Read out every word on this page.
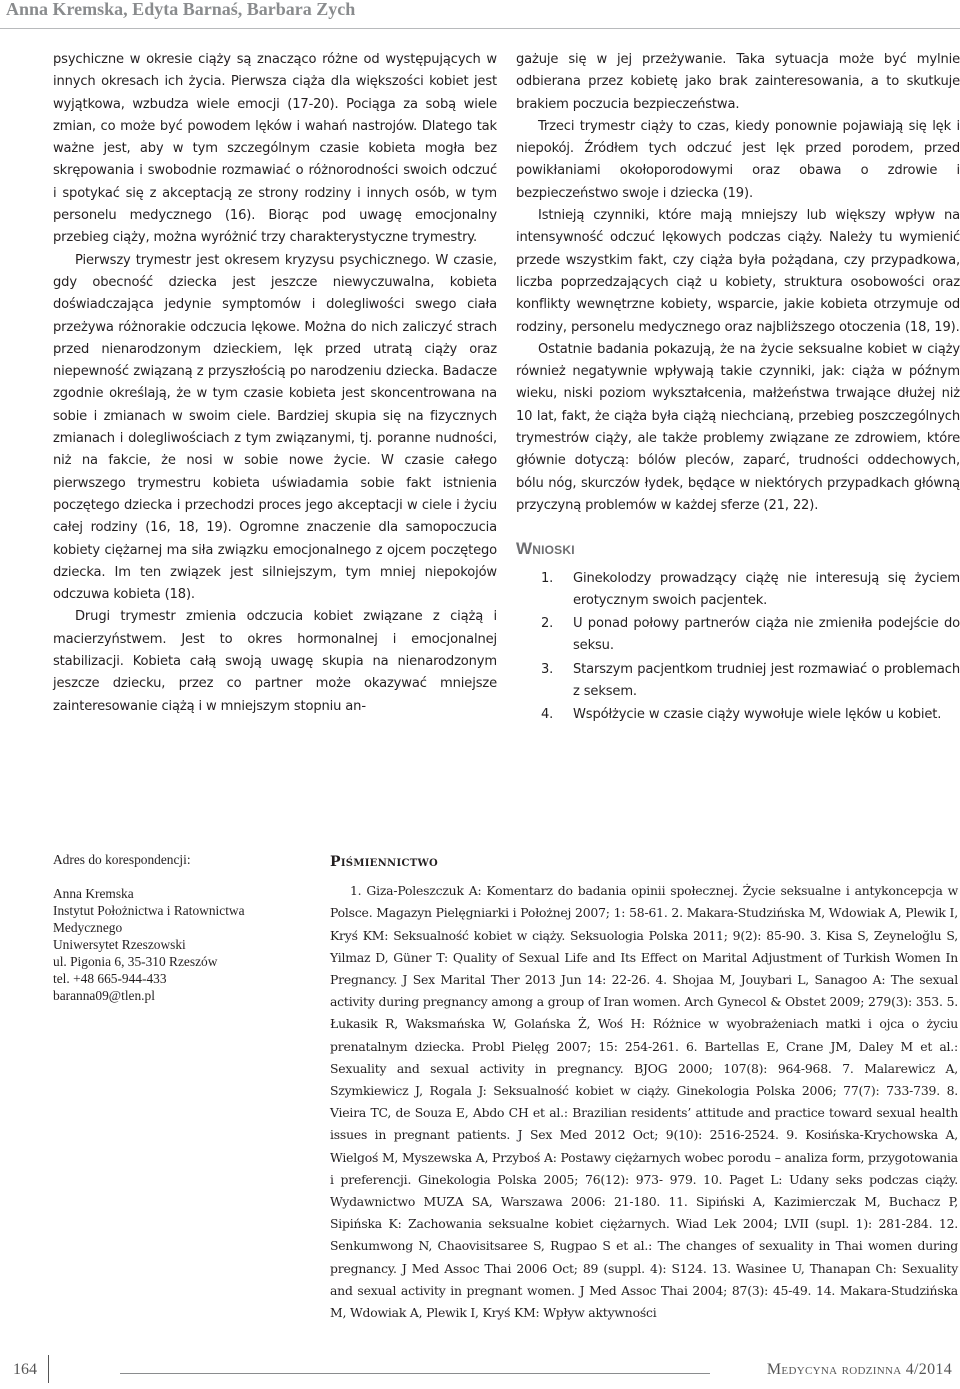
Anna Kremska, Edyta Barnaś, Barbara Zych

psychiczne w okresie ciąży są znacząco różne od występujących w innych okresach ich życia. Pierwsza ciąża dla większości kobiet jest wyjątkowa, wzbudza wiele emocji (17-20). Pociąga za sobą wiele zmian, co może być powodem lęków i wahań nastrojów. Dlatego tak ważne jest, aby w tym szczególnym czasie kobieta mogła bez skrępowania i swobodnie rozmawiać o różnorodności swoich odczuć i spotykać się z akceptacją ze strony rodziny i innych osób, w tym personelu medycznego (16). Biorąc pod uwagę emocjonalny przebieg ciąży, można wyróżnić trzy charakterystyczne trymestry.

Pierwszy trymestr jest okresem kryzysu psychicznego. W czasie, gdy obecność dziecka jest jeszcze niewyczuwalna, kobieta doświadczająca jedynie symptomów i dolegliwości swego ciała przeżywa różnorakie odczucia lękowe. Można do nich zaliczyć strach przed nienarodzonym dzieckiem, lęk przed utratą ciąży oraz niepewność związaną z przyszłością po narodzeniu dziecka. Badacze zgodnie określają, że w tym czasie kobieta jest skoncentrowana na sobie i zmianach w swoim ciele. Bardziej skupia się na fizycznych zmianach i dolegliwościach z tym związanymi, tj. poranne nudności, niż na fakcie, że nosi w sobie nowe życie. W czasie całego pierwszego trymestru kobieta uświadamia sobie fakt istnienia poczętego dziecka i przechodzi proces jego akceptacji w ciele i życiu całej rodziny (16, 18, 19). Ogromne znaczenie dla samopoczucia kobiety ciężarnej ma siła związku emocjonalnego z ojcem poczętego dziecka. Im ten związek jest silniejszym, tym mniej niepokojów odczuwa kobieta (18).

Drugi trymestr zmienia odczucia kobiet związane z ciążą i macierzyństwem. Jest to okres hormonalnej i emocjonalnej stabilizacji. Kobieta całą swoją uwagę skupia na nienarodzonym jeszcze dziecku, przez co partner może okazywać mniejsze zainteresowanie ciążą i w mniejszym stopniu an-

gażuje się w jej przeżywanie. Taka sytuacja może być mylnie odbierana przez kobietę jako brak zainteresowania, a to skutkuje brakiem poczucia bezpieczeństwa.

Trzeci trymestr ciąży to czas, kiedy ponownie pojawiają się lęk i niepokój. Źródłem tych odczuć jest lęk przed porodem, przed powikłaniami okołoporodowymi oraz obawa o zdrowie i bezpieczeństwo swoje i dziecka (19).

Istnieją czynniki, które mają mniejszy lub większy wpływ na intensywność odczuć lękowych podczas ciąży. Należy tu wymienić przede wszystkim fakt, czy ciąża była pożądana, czy przypadkowa, liczba poprzedzających ciąż u kobiety, struktura osobowości oraz konflikty wewnętrzne kobiety, wsparcie, jakie kobieta otrzymuje od rodziny, personelu medycznego oraz najbliższego otoczenia (18, 19).

Ostatnie badania pokazują, że na życie seksualne kobiet w ciąży również negatywnie wpływają takie czynniki, jak: ciąża w późnym wieku, niski poziom wykształcenia, małżeństwa trwające dłużej niż 10 lat, fakt, że ciąża była ciążą niechcianą, przebieg poszczególnych trymestrów ciąży, ale także problemy związane ze zdrowiem, które głównie dotyczą: bólów pleców, zaparć, trudności oddechowych, bólu nóg, skurczów łydek, będące w niektórych przypadkach główną przyczyną problemów w każdej sferze (21, 22).

Wnioski
1. Ginekolodzy prowadzący ciążę nie interesują się życiem erotycznym swoich pacjentek.
2. U ponad połowy partnerów ciąża nie zmieniła podejście do seksu.
3. Starszym pacjentkom trudniej jest rozmawiać o problemach z seksem.
4. Współżycie w czasie ciąży wywołuje wiele lęków u kobiet.
Adres do korespondencji:
Anna Kremska
Instytut Położnictwa i Ratownictwa
Medycznego
Uniwersytet Rzeszowski
ul. Pigonia 6, 35-310 Rzeszów
tel. +48 665-944-433
baranna09@tlen.pl
Piśmiennictwo

1. Giza-Poleszczuk A: Komentarz do badania opinii społecznej. Życie seksualne i antykoncepcja w Polsce. Magazyn Pielęgniarki i Położnej 2007; 1: 58-61. 2. Makara-Studzińska M, Wdowiak A, Plewik I, Kryś KM: Seksualność kobiet w ciąży. Seksuologia Polska 2011; 9(2): 85-90. 3. Kisa S, Zeyneloğlu S, Yilmaz D, Güner T: Quality of Sexual Life and Its Effect on Marital Adjustment of Turkish Women In Pregnancy. J Sex Marital Ther 2013 Jun 14: 22-26. 4. Shojaa M, Jouybari L, Sanagoo A: The sexual activity during pregnancy among a group of Iran women. Arch Gynecol & Obstet 2009; 279(3): 353. 5. Łukasik R, Waksmańska W, Golańska Ż, Woś H: Różnice w wyobrażeniach matki i ojca o życiu prenatalnym dziecka. Probl Pielęg 2007; 15: 254-261. 6. Bartellas E, Crane JM, Daley M et al.: Sexuality and sexual activity in pregnancy. BJOG 2000; 107(8): 964-968. 7. Malarewicz A, Szymkiewicz J, Rogala J: Seksualność kobiet w ciąży. Ginekologia Polska 2006; 77(7): 733-739. 8. Vieira TC, de Souza E, Abdo CH et al.: Brazilian residents’ attitude and practice toward sexual health issues in pregnant patients. J Sex Med 2012 Oct; 9(10): 2516-2524. 9. Kosińska-Krychowska A, Wielgoś M, Myszewska A, Przyboś A: Postawy ciężarnych wobec porodu – analiza form, przygotowania i preferencji. Ginekologia Polska 2005; 76(12): 973- 979. 10. Paget L: Udany seks podczas ciąży. Wydawnictwo MUZA SA, Warszawa 2006: 21-180. 11. Sipiński A, Kazimierczak M, Buchacz P, Sipińska K: Zachowania seksualne kobiet ciężarnych. Wiad Lek 2004; LVII (supl. 1): 281-284. 12. Senkumwong N, Chaovisitsaree S, Rugpao S et al.: The changes of sexuality in Thai women during pregnancy. J Med Assoc Thai 2006 Oct; 89 (suppl. 4): S124. 13. Wasinee U, Thanapan Ch: Sexuality and sexual activity in pregnant women. J Med Assoc Thai 2004; 87(3): 45-49. 14. Makara-Studzińska M, Wdowiak A, Plewik I, Kryś KM: Wpływ aktywności

164	Medycyna rodzinna 4/2014
